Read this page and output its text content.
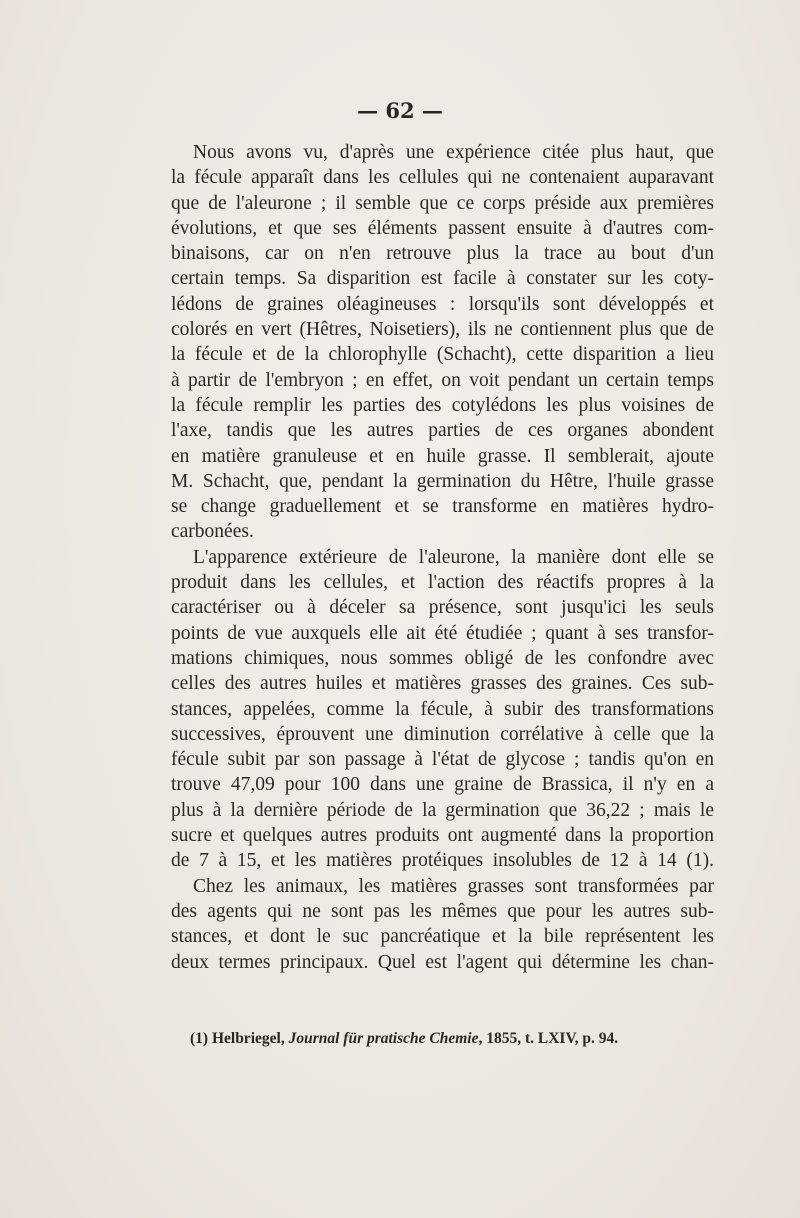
— 62 —
Nous avons vu, d'après une expérience citée plus haut, que
la fécule apparaît dans les cellules qui ne contenaient auparavant
que de l'aleurone ; il semble que ce corps préside aux premières
évolutions, et que ses éléments passent ensuite à d'autres com-
binaisons, car on n'en retrouve plus la trace au bout d'un
certain temps. Sa disparition est facile à constater sur les coty-
lédons de graines oléagineuses : lorsqu'ils sont développés et
colorés en vert (Hêtres, Noisetiers), ils ne contiennent plus que de
la fécule et de la chlorophylle (Schacht), cette disparition a lieu
à partir de l'embryon ; en effet, on voit pendant un certain temps
la fécule remplir les parties des cotylédons les plus voisines de
l'axe, tandis que les autres parties de ces organes abondent
en matière granuleuse et en huile grasse. Il semblerait, ajoute
M. Schacht, que, pendant la germination du Hêtre, l'huile grasse
se change graduellement et se transforme en matières hydro-
carbonées.
L'apparence extérieure de l'aleurone, la manière dont elle se
produit dans les cellules, et l'action des réactifs propres à la
caractériser ou à déceler sa présence, sont jusqu'ici les seuls
points de vue auxquels elle ait été étudiée ; quant à ses transfor-
mations chimiques, nous sommes obligé de les confondre avec
celles des autres huiles et matières grasses des graines. Ces sub-
stances, appelées, comme la fécule, à subir des transformations
successives, éprouvent une diminution corrélative à celle que la
fécule subit par son passage à l'état de glycose ; tandis qu'on en
trouve 47,09 pour 100 dans une graine de Brassica, il n'y en a
plus à la dernière période de la germination que 36,22 ; mais le
sucre et quelques autres produits ont augmenté dans la proportion
de 7 à 15, et les matières protéiques insolubles de 12 à 14 (1).
Chez les animaux, les matières grasses sont transformées par
des agents qui ne sont pas les mêmes que pour les autres sub-
stances, et dont le suc pancréatique et la bile représentent les
deux termes principaux. Quel est l'agent qui détermine les chan-

(1) Helbriegel, Journal für pratische Chemie, 1855, t. LXIV, p. 94.
